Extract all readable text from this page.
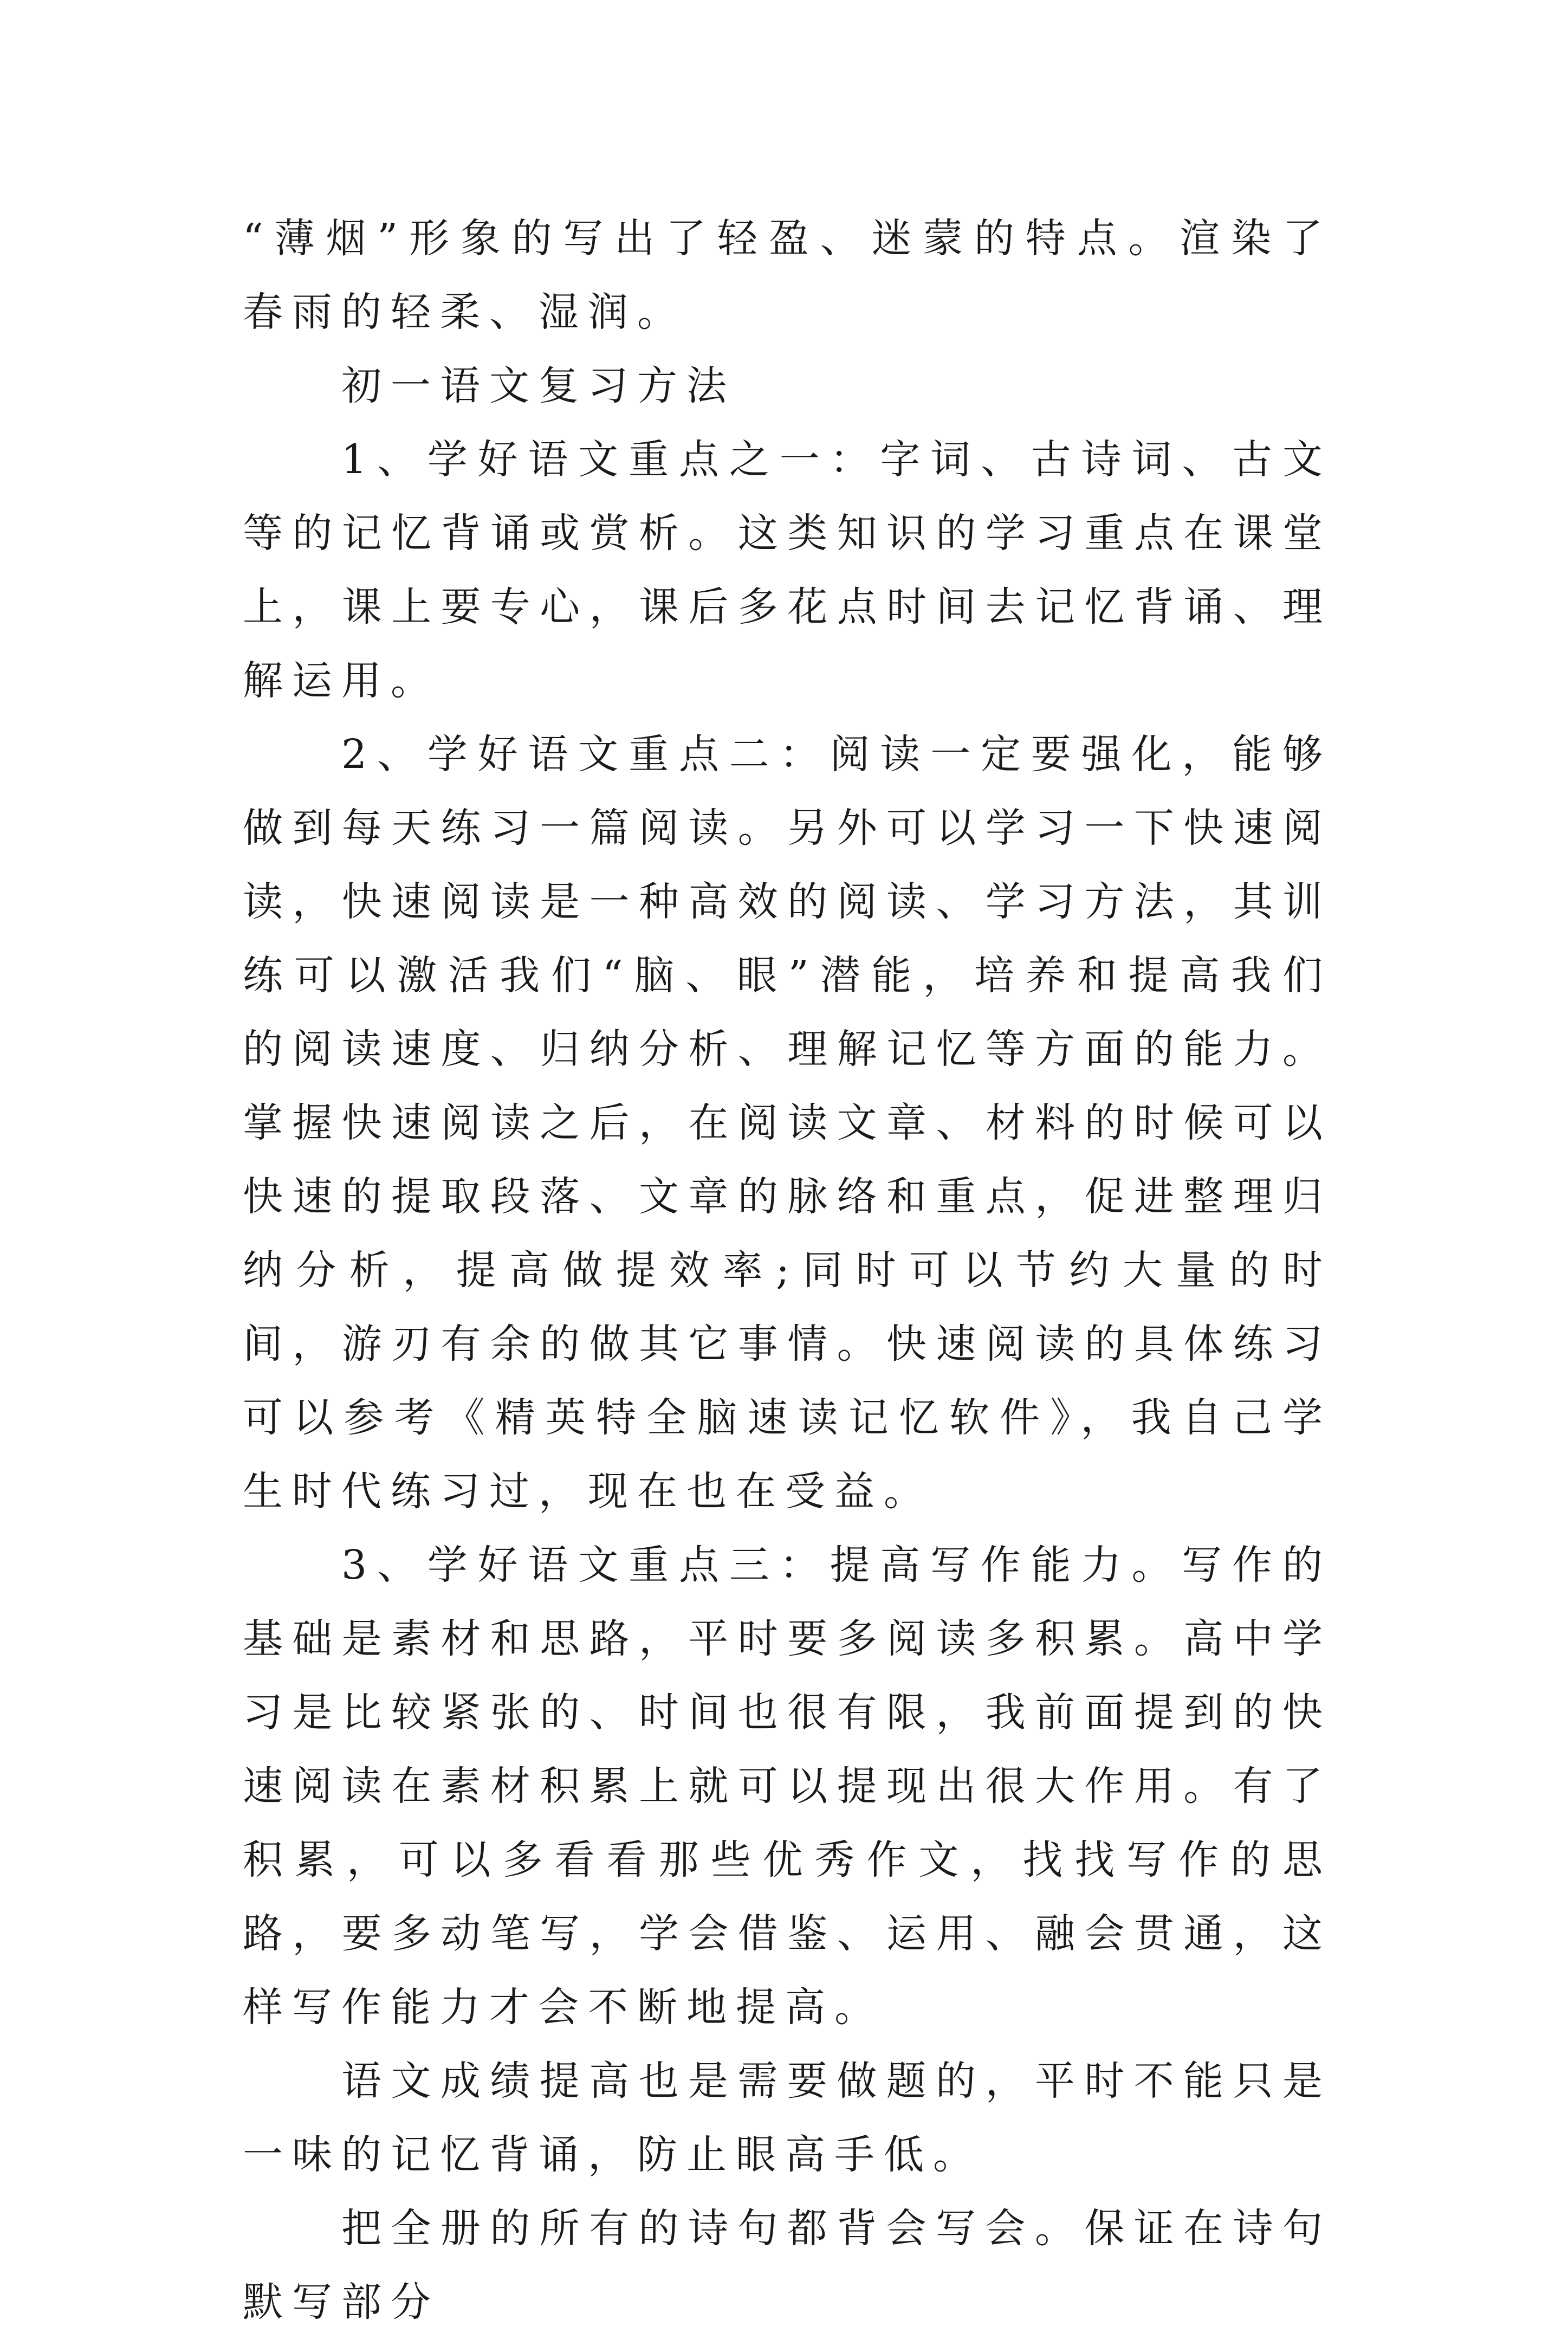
“薄烟”形象的写出了轻盈、迷蒙的特点。渲染了春雨的轻柔、湿润。

初一语文复习方法

1、学好语文重点之一：字词、古诗词、古文等的记忆背诵或赏析。这类知识的学习重点在课堂上，课上要专心，课后多花点时间去记忆背诵、理解运用。

2、学好语文重点二：阅读一定要强化，能够做到每天练习一篇阅读。另外可以学习一下快速阅读，快速阅读是一种高效的阅读、学习方法，其训练可以激活我们“脑、眼”潜能，培养和提高我们的阅读速度、归纳分析、理解记忆等方面的能力。掌握快速阅读之后，在阅读文章、材料的时候可以快速的提取段落、文章的脉络和重点，促进整理归纳分析，提高做提效率;同时可以节约大量的时间，游刃有余的做其它事情。快速阅读的具体练习可以参考《精英特全脑速读记忆软件》，我自己学生时代练习过，现在也在受益。

3、学好语文重点三：提高写作能力。写作的基础是素材和思路，平时要多阅读多积累。高中学习是比较紧张的、时间也很有限，我前面提到的快速阅读在素材积累上就可以提现出很大作用。有了积累，可以多看看那些优秀作文，找找写作的思路，要多动笔写，学会借鉴、运用、融会贯通，这样写作能力才会不断地提高。

语文成绩提高也是需要做题的，平时不能只是一味的记忆背诵，防止眼高手低。

把全册的所有的诗句都背会写会。保证在诗句默写部分
